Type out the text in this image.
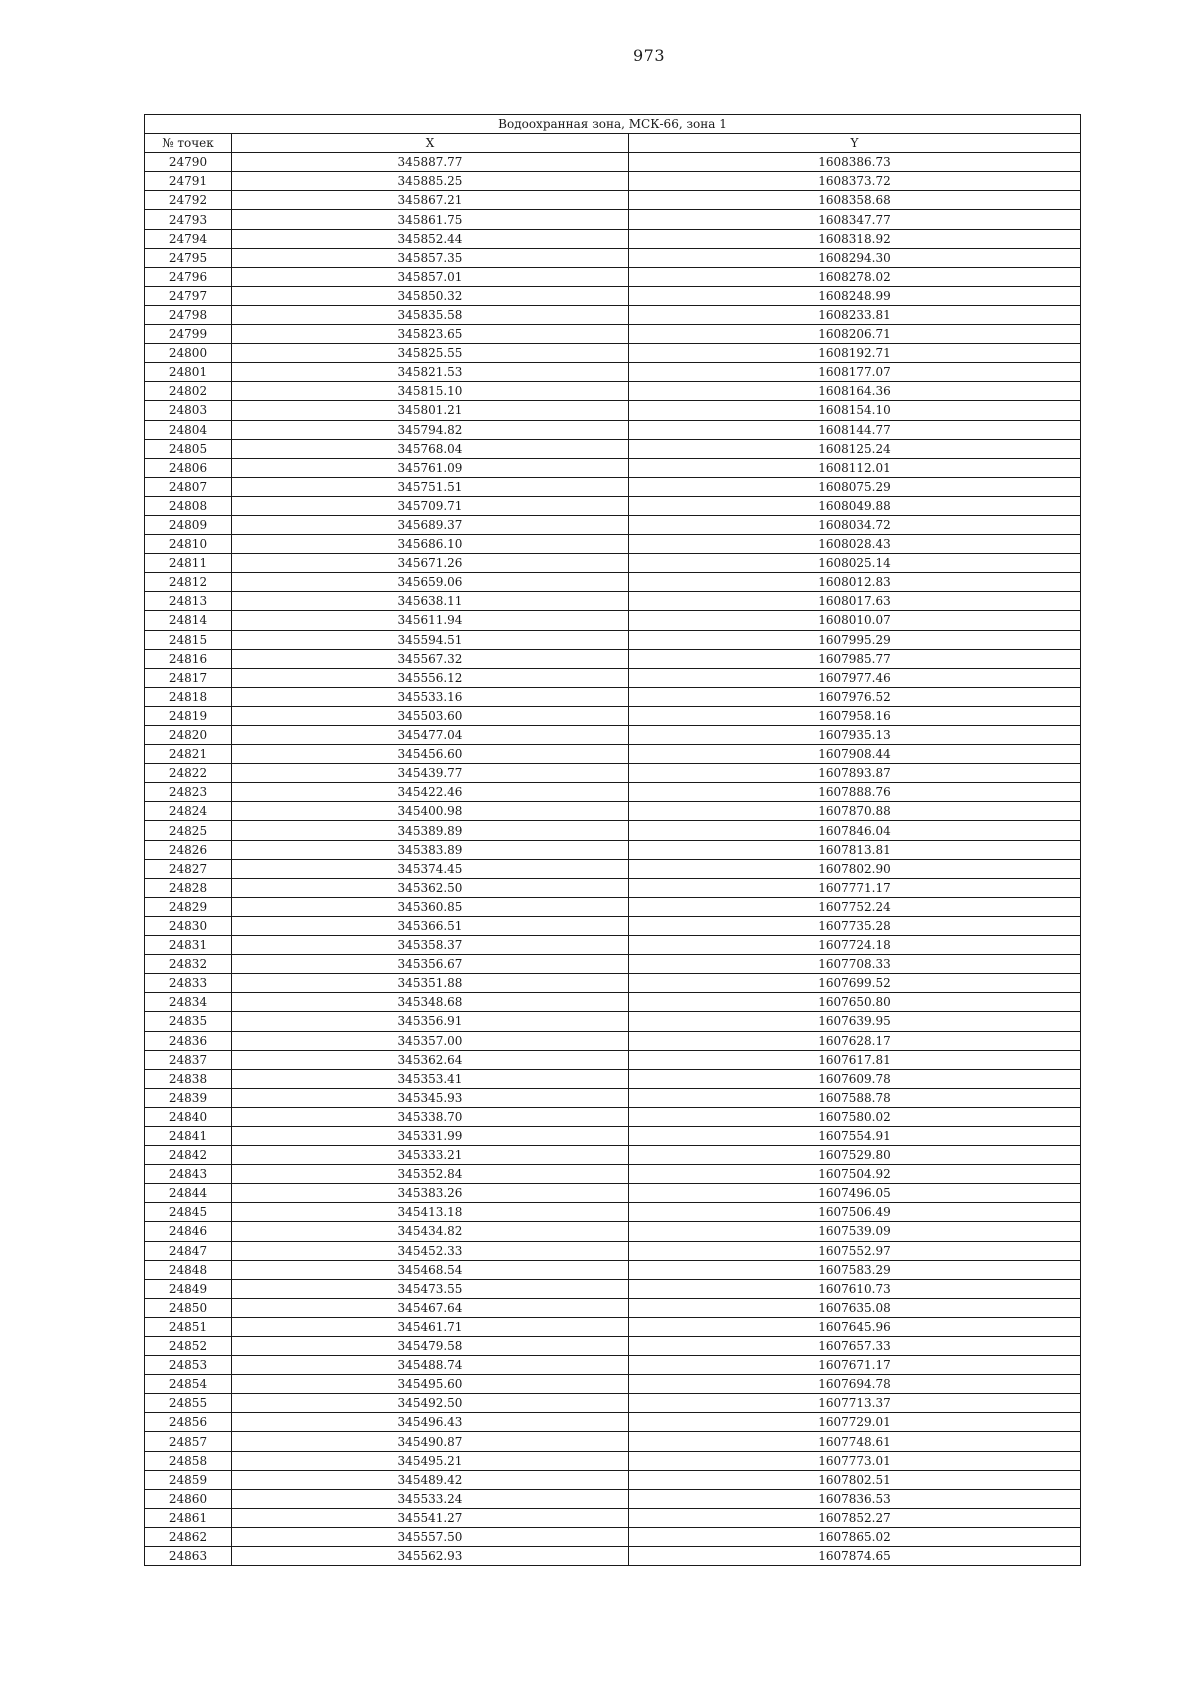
973
Водоохранная зона, МСК-66, зона 1		
№ точек	X	Y
24790	345887.77	1608386.73
24791	345885.25	1608373.72
24792	345867.21	1608358.68
24793	345861.75	1608347.77
24794	345852.44	1608318.92
24795	345857.35	1608294.30
24796	345857.01	1608278.02
24797	345850.32	1608248.99
24798	345835.58	1608233.81
24799	345823.65	1608206.71
24800	345825.55	1608192.71
24801	345821.53	1608177.07
24802	345815.10	1608164.36
24803	345801.21	1608154.10
24804	345794.82	1608144.77
24805	345768.04	1608125.24
24806	345761.09	1608112.01
24807	345751.51	1608075.29
24808	345709.71	1608049.88
24809	345689.37	1608034.72
24810	345686.10	1608028.43
24811	345671.26	1608025.14
24812	345659.06	1608012.83
24813	345638.11	1608017.63
24814	345611.94	1608010.07
24815	345594.51	1607995.29
24816	345567.32	1607985.77
24817	345556.12	1607977.46
24818	345533.16	1607976.52
24819	345503.60	1607958.16
24820	345477.04	1607935.13
24821	345456.60	1607908.44
24822	345439.77	1607893.87
24823	345422.46	1607888.76
24824	345400.98	1607870.88
24825	345389.89	1607846.04
24826	345383.89	1607813.81
24827	345374.45	1607802.90
24828	345362.50	1607771.17
24829	345360.85	1607752.24
24830	345366.51	1607735.28
24831	345358.37	1607724.18
24832	345356.67	1607708.33
24833	345351.88	1607699.52
24834	345348.68	1607650.80
24835	345356.91	1607639.95
24836	345357.00	1607628.17
24837	345362.64	1607617.81
24838	345353.41	1607609.78
24839	345345.93	1607588.78
24840	345338.70	1607580.02
24841	345331.99	1607554.91
24842	345333.21	1607529.80
24843	345352.84	1607504.92
24844	345383.26	1607496.05
24845	345413.18	1607506.49
24846	345434.82	1607539.09
24847	345452.33	1607552.97
24848	345468.54	1607583.29
24849	345473.55	1607610.73
24850	345467.64	1607635.08
24851	345461.71	1607645.96
24852	345479.58	1607657.33
24853	345488.74	1607671.17
24854	345495.60	1607694.78
24855	345492.50	1607713.37
24856	345496.43	1607729.01
24857	345490.87	1607748.61
24858	345495.21	1607773.01
24859	345489.42	1607802.51
24860	345533.24	1607836.53
24861	345541.27	1607852.27
24862	345557.50	1607865.02
24863	345562.93	1607874.65
